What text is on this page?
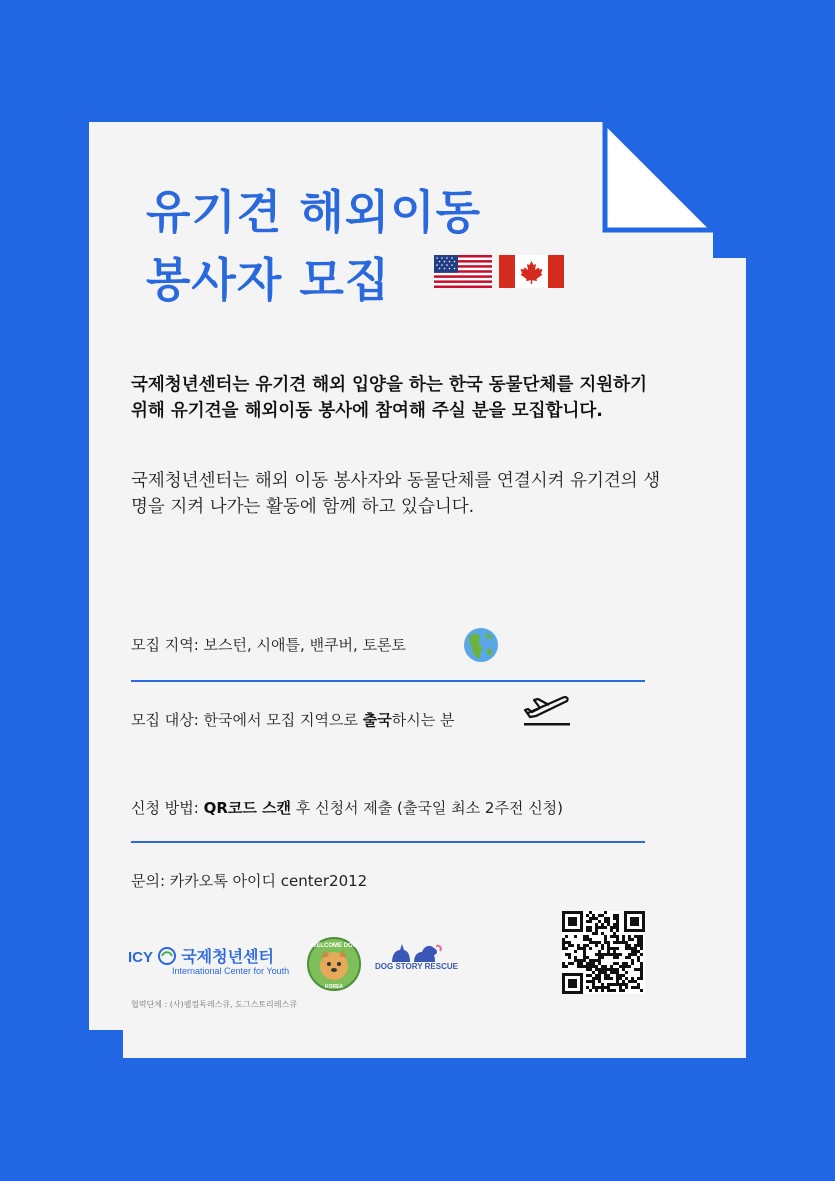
유기견 해외이동
봉사자 모집
국제청년센터는 유기견 해외 입양을 하는 한국 동물단체를 지원하기 위해 유기견을 해외이동 봉사에 참여해 주실 분을 모집합니다.
국제청년센터는 해외 이동 봉사자와 동물단체를 연결시켜 유기견의 생명을 지켜 나가는 활동에 함께 하고 있습니다.
모집 지역: 보스턴, 시애틀, 밴쿠버, 토론토
모집 대상: 한국에서 모집 지역으로 출국하시는 분
신청 방법: QR코드 스캔 후 신청서 제출 (출국일 최소 2주전 신청)
문의: 카카오톡 아이디 center2012
ICY 국제청년센터
International Center for Youth
WELCOME DOG
KOREA
DOG STORY RESCUE
협력단체 : (사)웰컴독레스큐, 도그스토리레스큐
